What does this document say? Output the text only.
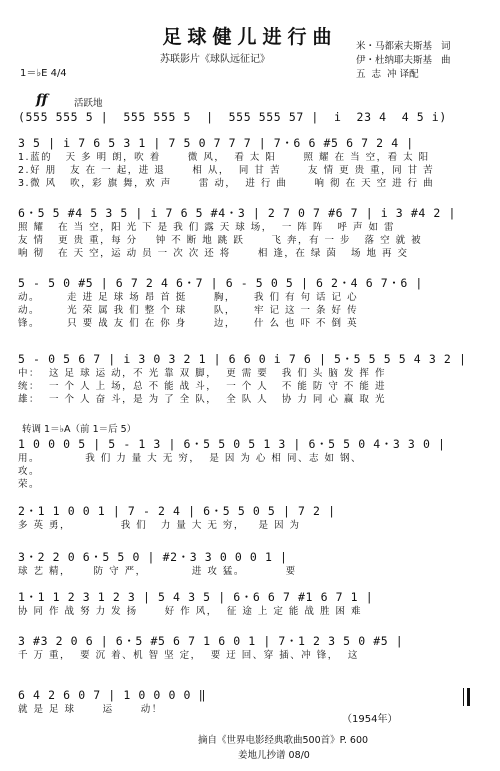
足球健儿进行曲
苏联影片《球队远征记》
米・马都索夫斯基   词
伊・杜纳耶夫斯基   曲
五  志  冲 译配
1＝♭E 4/4
ff	活跃地
(555 555 5 |  555 555 5  |  555 555 57 |  i  23 4  4 5 i)
3 5 | i 7 6 5 3 1 | 7 5 0 7 7 7 | 7・6 6 #5 6 7 2 4 |
1.蓝的   天 多 明 朗，吹 着      微 风，  看 太 阳      照 耀 在 当 空，看 太 阳
2.好 朋   友 在 一 起，进 退      相 从，  同 甘 苦      友 情 更 贵 重，同 甘 苦
3.微 风   吹，彩 旗 舞，欢 声      雷 动，  进 行 曲      响 彻 在 天 空 进 行 曲
6・5 5 #4 5 3 5 | i 7 6 5 #4・3 | 2 7 0 7 #6 7 | i 3 #4 2 |
照 耀   在 当 空，阳 光 下 是 我 们 露 天 球 场，  一 阵 阵   呼 声 如 雷
友 情   更 贵 重，每 分    钟 不 断 地 跳 跃      飞 奔，有 一 步   落 空 就 被
响 彻   在 天 空，运 动 员 一 次 次 还 将      相 逢，在 绿 茵   场 地 再 交
5 - 5 0 #5 | 6 7 2 4 6・7 | 6 - 5 0 5 | 6 2・4 6 7・6 |
动。      走 进 足 球 场 昂 首 挺      胸，    我 们 有 句 话 记 心
动。      光 荣 属 我 们 整 个 球      队，    牢 记 这 一 条 好 传
锋。      只 要 战 友 们 在 你 身      边，    什 么 也 吓 不 倒 英
5 - 0 5 6 7 | i 3 0 3 2 1 | 6 6 0 i 7 6 | 5・5 5 5 5 4 3 2 |
中：  这 足 球 运 动，不 光 靠 双 脚，  更 需 要   我 们 头 脑 发 挥 作
统：  一 个 人 上 场，总 不 能 战 斗，  一 个 人   不 能 防 守 不 能 进
雄：  一 个 人 奋 斗，是 为 了 全 队，  全 队 人   协 力 同 心 赢 取 光
转调 1＝♭A（前 1＝后 5）
1 0 0 0 5 | 5 - 1 3 | 6・5 5 0 5 1 3 | 6・5 5 0 4・3 3 0 |
用。          我 们 力 量 大 无 穷，  是 因 为 心 相 同、志 如 钢、
攻。
荣。
2・1 1 0 0 1 | 7 - 2 4 | 6・5 5 0 5 | 7 2 |
多 英 勇，           我 们   力 量 大 无 穷，   是 因 为
3・2 2 0 6・5 5 0 | #2・3 3 0 0 0 1 |
球 艺 精，     防 守 严，          进 攻 猛。         要
1・1 1 2 3 1 2 3 | 5 4 3 5 | 6・6 6 7 #1 6 7 1 |
协 同 作 战 努 力 发 扬      好 作 风，  征 途 上 定 能 战 胜 困 难
3 #3 2 0 6 | 6・5 #5 6 7 1 6 0 1 | 7・1 2 3 5 0 #5 |
千 万 重，  要 沉 着、机 智 坚 定，  要 迂 回、穿 插、冲 锋，  这
6 4 2 6 0 7 | 1 0 0 0 0 ‖
就 是 足 球      运      动！
（1954年）
摘自《世界电影经典歌曲500首》P. 600
姜地儿抄谱 08/0
